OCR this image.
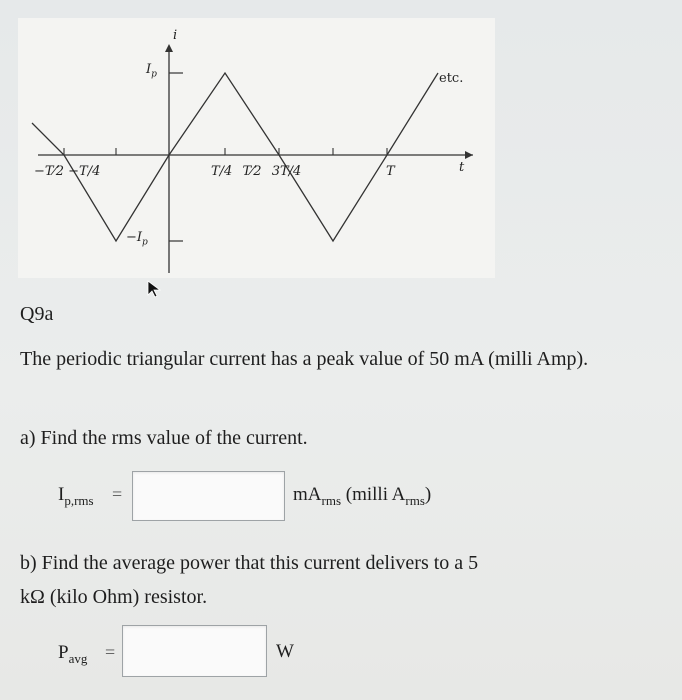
i
t
$I_p$
$-I_p$
etc.
−T⁄2 −T/4	T/4 T⁄2 3T/4	T
Q9a
The periodic triangular current has a peak value of 50 mA (milli Amp).
a) Find the rms value of the current.
$I_{p,rms}$ =	$mA_{rms}$ (milli $A_{rms}$)
b) Find the average power that this current delivers to a 5
kΩ (kilo Ohm) resistor.
$P_{avg}$ =	W
